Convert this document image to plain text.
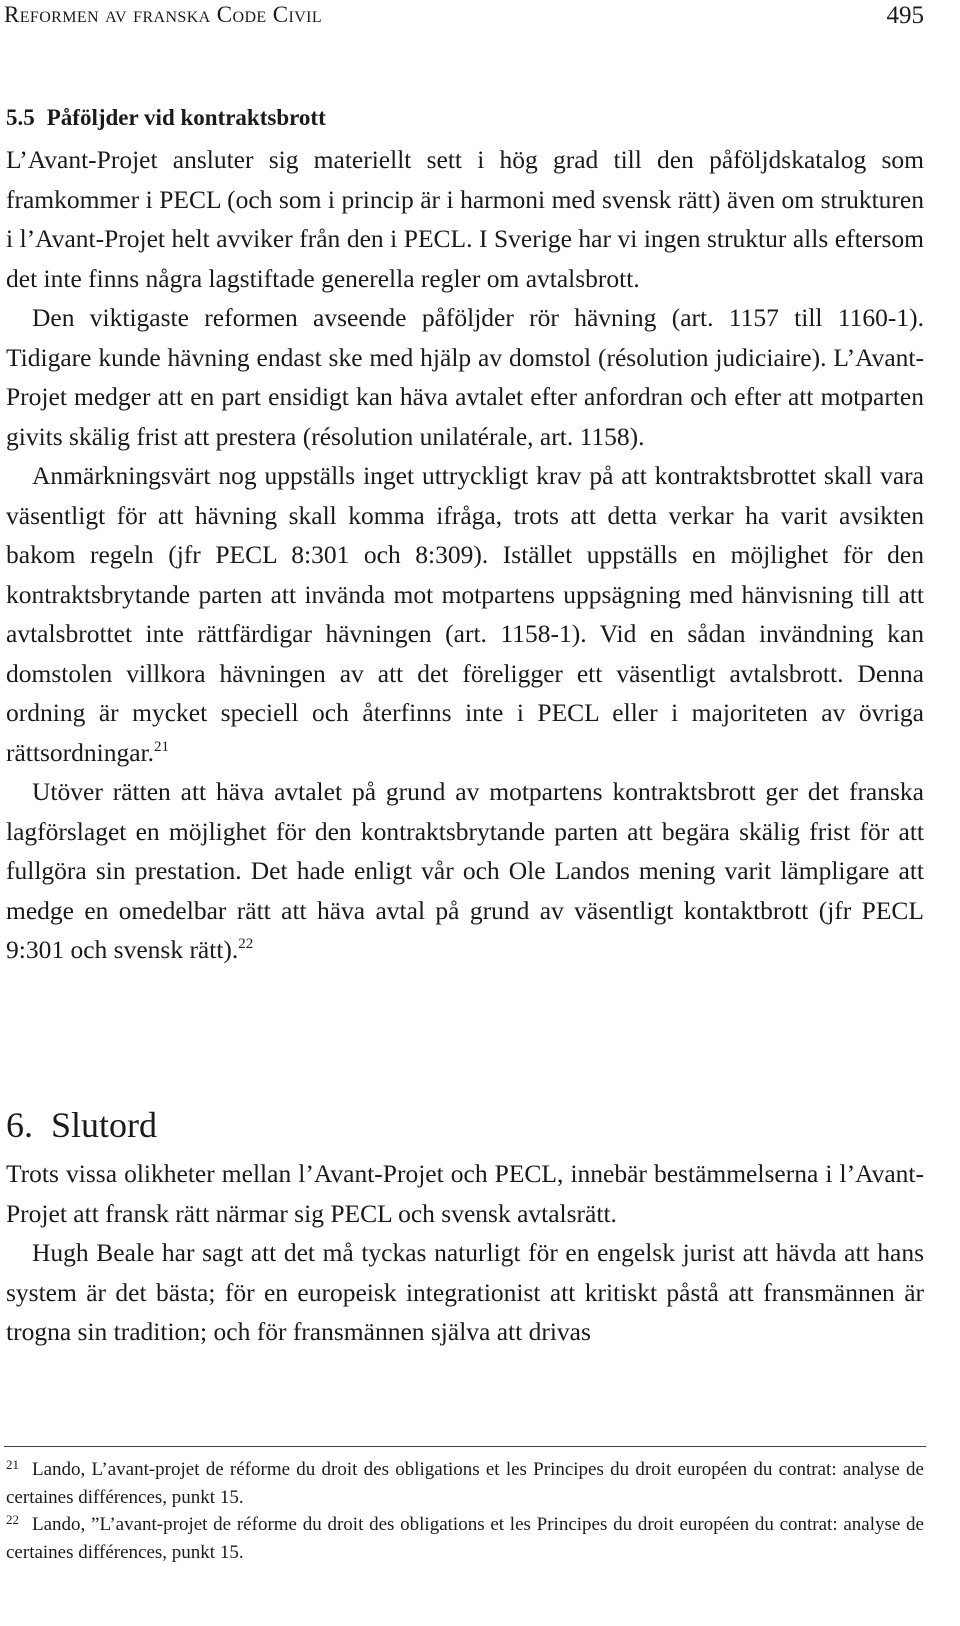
Reformen av franska Code Civil	495
5.5 Påföljder vid kontraktsbrott

L’Avant-Projet ansluter sig materiellt sett i hög grad till den påföljdskatalog som framkommer i PECL (och som i princip är i harmoni med svensk rätt) även om strukturen i l’Avant-Projet helt avviker från den i PECL. I Sverige har vi ingen struktur alls eftersom det inte finns några lagstiftade generella regler om avtalsbrott.

Den viktigaste reformen avseende påföljder rör hävning (art. 1157 till 1160-1). Tidigare kunde hävning endast ske med hjälp av domstol (résolution judiciaire). L’Avant-Projet medger att en part ensidigt kan häva avtalet efter anfordran och efter att motparten givits skälig frist att prestera (résolution unilatérale, art. 1158).

Anmärkningsvärt nog uppställs inget uttryckligt krav på att kontraktsbrottet skall vara väsentligt för att hävning skall komma ifråga, trots att detta verkar ha varit avsikten bakom regeln (jfr PECL 8:301 och 8:309). Istället uppställs en möjlighet för den kontraktsbrytande parten att invända mot motpartens uppsägning med hänvisning till att avtalsbrottet inte rättfärdigar hävningen (art. 1158-1). Vid en sådan invändning kan domstolen villkora hävningen av att det föreligger ett väsentligt avtalsbrott. Denna ordning är mycket speciell och återfinns inte i PECL eller i majoriteten av övriga rättsordningar.$^{21}$

Utöver rätten att häva avtalet på grund av motpartens kontraktsbrott ger det franska lagförslaget en möjlighet för den kontraktsbrytande parten att begära skälig frist för att fullgöra sin prestation. Det hade enligt vår och Ole Landos mening varit lämpligare att medge en omedelbar rätt att häva avtal på grund av väsentligt kontaktbrott (jfr PECL 9:301 och svensk rätt).$^{22}$

6. Slutord

Trots vissa olikheter mellan l’Avant-Projet och PECL, innebär bestämmelserna i l’Avant-Projet att fransk rätt närmar sig PECL och svensk avtalsrätt.

Hugh Beale har sagt att det må tyckas naturligt för en engelsk jurist att hävda att hans system är det bästa; för en europeisk integrationist att kritiskt påstå att fransmännen är trogna sin tradition; och för fransmännen själva att drivas

21 Lando, L’avant-projet de réforme du droit des obligations et les Principes du droit européen du contrat: analyse de certaines différences, punkt 15.

22 Lando, ”L’avant-projet de réforme du droit des obligations et les Principes du droit européen du contrat: analyse de certaines différences, punkt 15.
